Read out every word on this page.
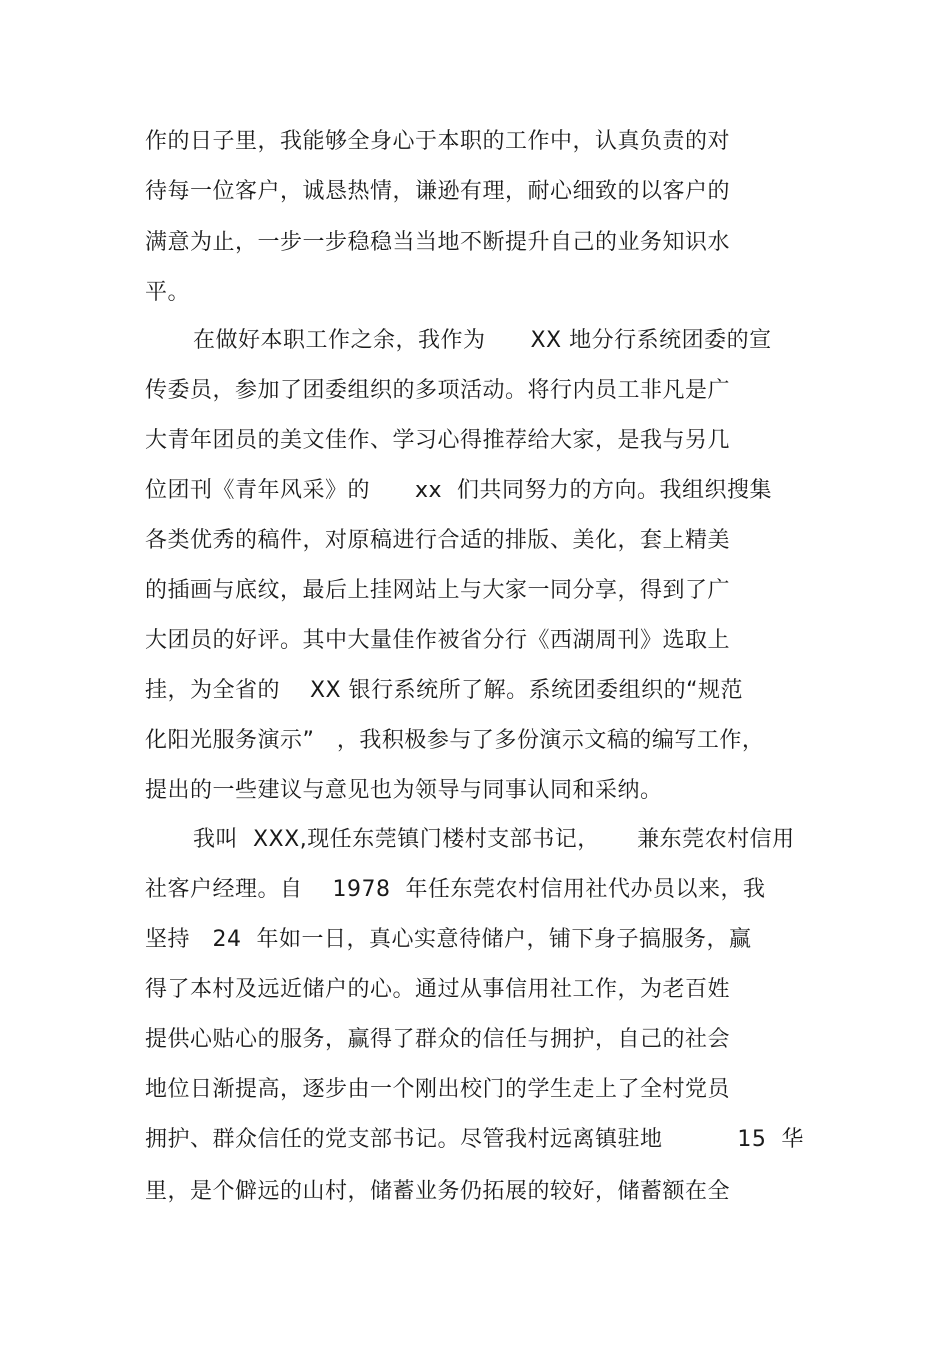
作的日子里，我能够全身心于本职的工作中，认真负责的对

待每一位客户，诚恳热情，谦逊有理，耐心细致的以客户的

满意为止，一步一步稳稳当当地不断提升自己的业务知识水

平。

在做好本职工作之余，我作为      XX 地分行系统团委的宣

传委员，参加了团委组织的多项活动。将行内员工非凡是广

大青年团员的美文佳作、学习心得推荐给大家，是我与另几

位团刊《青年风采》的      xx  们共同努力的方向。我组织搜集

各类优秀的稿件，对原稿进行合适的排版、美化，套上精美

的插画与底纹，最后上挂网站上与大家一同分享，得到了广

大团员的好评。其中大量佳作被省分行《西湖周刊》选取上

挂，为全省的    XX 银行系统所了解。系统团委组织的“规范

化阳光服务演示”   ，我积极参与了多份演示文稿的编写工作，

提出的一些建议与意见也为领导与同事认同和采纳。

我叫  XXX,现任东莞镇门楼村支部书记，     兼东莞农村信用

社客户经理。自    1978  年任东莞农村信用社代办员以来，我

坚持   24  年如一日，真心实意待储户，铺下身子搞服务，赢

得了本村及远近储户的心。通过从事信用社工作，为老百姓

提供心贴心的服务，赢得了群众的信任与拥护，自己的社会

地位日渐提高，逐步由一个刚出校门的学生走上了全村党员

拥护、群众信任的党支部书记。尽管我村远离镇驻地          15  华

里，是个僻远的山村，储蓄业务仍拓展的较好，储蓄额在全
